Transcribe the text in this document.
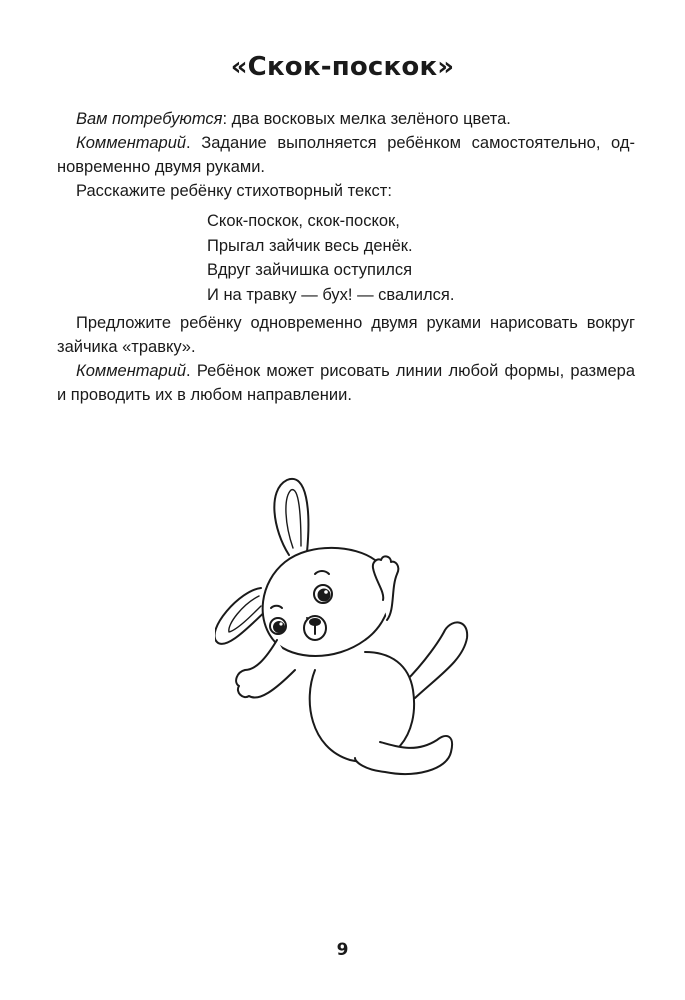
«Скок-поскок»

Вам потребуются: два восковых мелка зелёного цвета.

Комментарий. Задание выполняется ребёнком самостоятельно, одновременно двумя руками.

Расскажите ребёнку стихотворный текст:

Скок-поскок, скок-поскок,
Прыгал зайчик весь денёк.
Вдруг зайчишка оступился
И на травку — бух! — свалился.

Предложите ребёнку одновременно двумя руками нарисовать вокруг зайчика «травку».

Комментарий. Ребёнок может рисовать линии любой формы, размера и проводить их в любом направлении.

9
